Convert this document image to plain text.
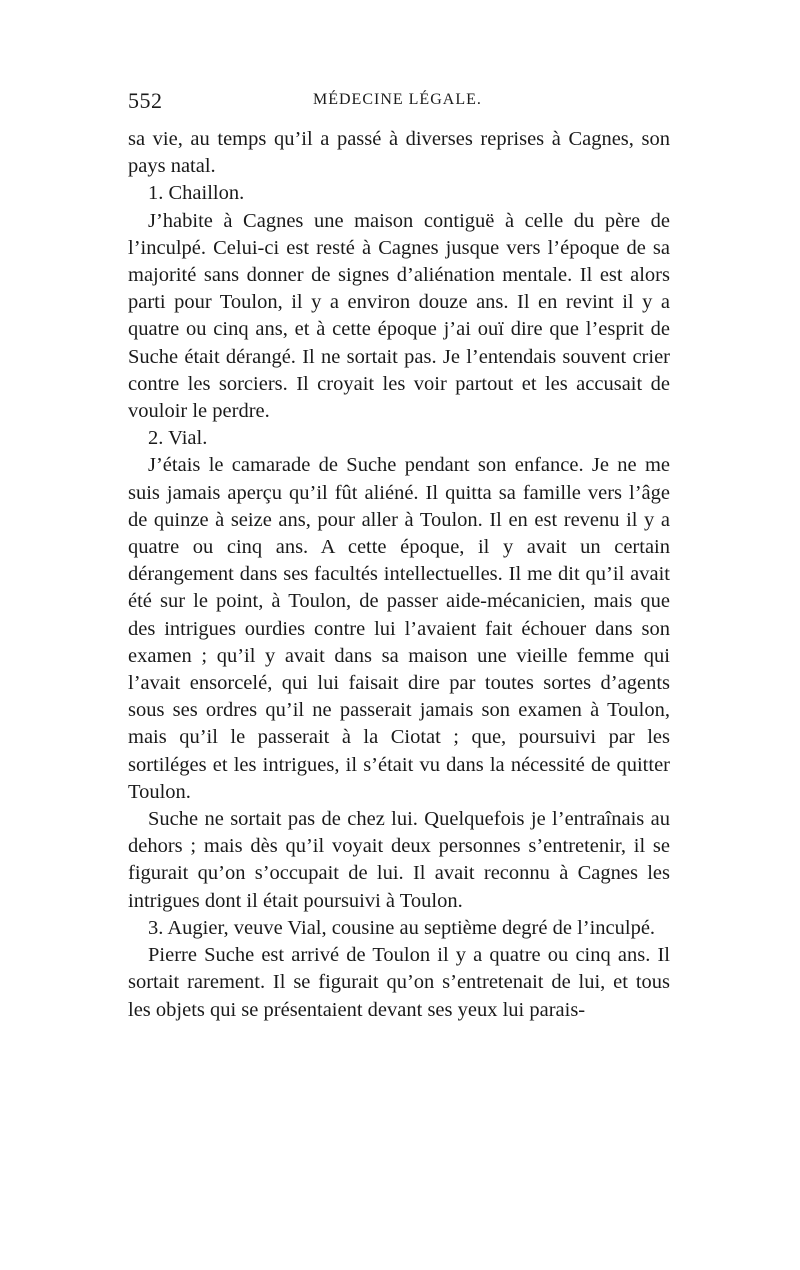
552	MÉDECINE LÉGALE.

sa vie, au temps qu’il a passé à diverses reprises à Cagnes, son pays natal.

1. Chaillon.

J’habite à Cagnes une maison contiguë à celle du père de l’inculpé. Celui-ci est resté à Cagnes jusque vers l’époque de sa majorité sans donner de signes d’aliénation mentale. Il est alors parti pour Toulon, il y a environ douze ans. Il en revint il y a quatre ou cinq ans, et à cette époque j’ai ouï dire que l’esprit de Suche était dérangé. Il ne sortait pas. Je l’entendais souvent crier contre les sorciers. Il croyait les voir partout et les accusait de vouloir le perdre.

2. Vial.

J’étais le camarade de Suche pendant son enfance. Je ne me suis jamais aperçu qu’il fût aliéné. Il quitta sa famille vers l’âge de quinze à seize ans, pour aller à Toulon. Il en est revenu il y a quatre ou cinq ans. A cette époque, il y avait un certain dérangement dans ses facultés intellectuelles. Il me dit qu’il avait été sur le point, à Toulon, de passer aide-mécanicien, mais que des intrigues ourdies contre lui l’avaient fait échouer dans son examen ; qu’il y avait dans sa maison une vieille femme qui l’avait ensorcelé, qui lui faisait dire par toutes sortes d’agents sous ses ordres qu’il ne passerait jamais son examen à Toulon, mais qu’il le passerait à la Ciotat ; que, poursuivi par les sortiléges et les intrigues, il s’était vu dans la nécessité de quitter Toulon.

Suche ne sortait pas de chez lui. Quelquefois je l’entraînais au dehors ; mais dès qu’il voyait deux personnes s’entretenir, il se figurait qu’on s’occupait de lui. Il avait reconnu à Cagnes les intrigues dont il était poursuivi à Toulon.

3. Augier, veuve Vial, cousine au septième degré de l’inculpé.

Pierre Suche est arrivé de Toulon il y a quatre ou cinq ans. Il sortait rarement. Il se figurait qu’on s’entretenait de lui, et tous les objets qui se présentaient devant ses yeux lui parais-
